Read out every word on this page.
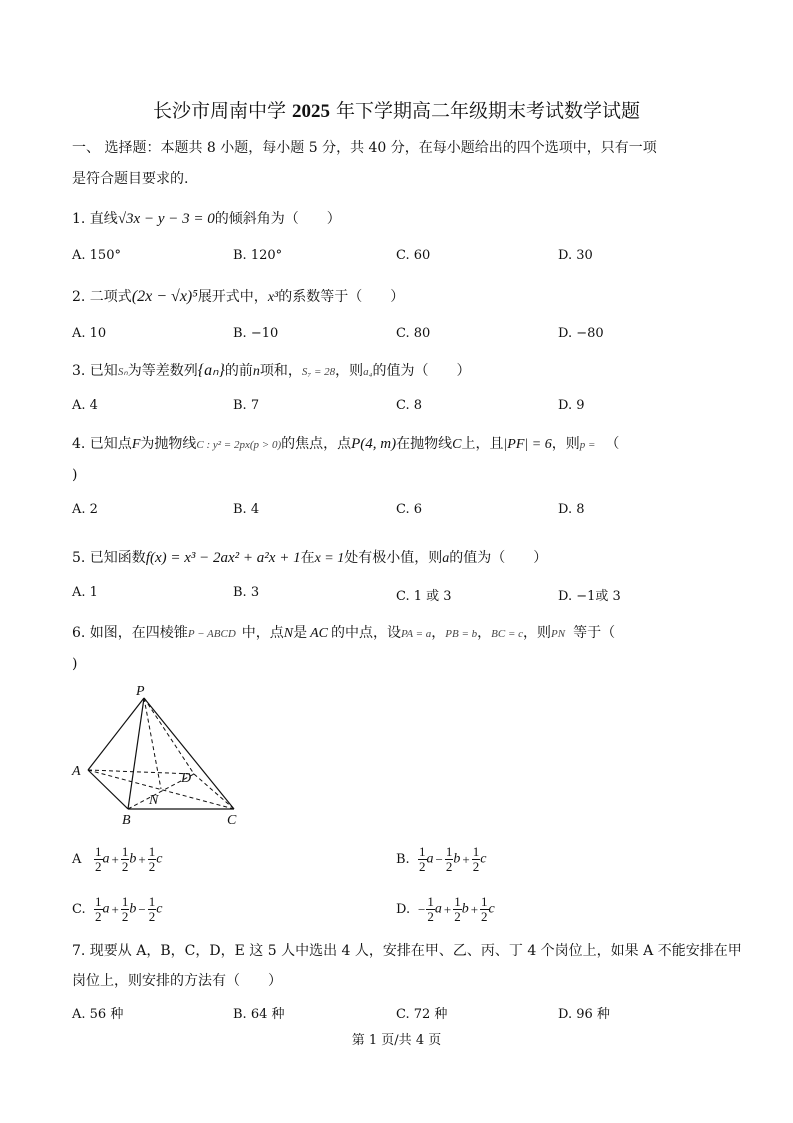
长沙市周南中学 2025 年下学期高二年级期末考试数学试题
一、 选择题：本题共 8 小题，每小题 5 分，共 40 分，在每小题给出的四个选项中，只有一项
是符合题目要求的.
1. 直线√3x − y − 3 = 0的倾斜角为（　　）
A. 150°	B. 120°	C. 60	D. 30
2. 二项式(2x − √x)⁵展开式中，x³的系数等于（　　）
A. 10	B. −10	C. 80	D. −80
3. 已知Sₙ为等差数列{aₙ}的前n项和，S₇ = 28，则a₄的值为（　　）
A. 4	B. 7	C. 8	D. 9
4. 已知点F为抛物线C : y² = 2px(p > 0)的焦点，点P(4, m)在抛物线C上，且|PF| = 6，则p = （
)
A. 2	B. 4	C. 6	D. 8
5. 已知函数f(x) = x³ − 2ax² + a²x + 1在x = 1处有极小值，则a的值为（　　）
A. 1	B. 3	C. 1 或 3	D. −1或 3
6. 如图，在四棱锥P − ABCD 中，点N是 AC 的中点，设PA = a，PB = b，BC = c，则PN 等于（
)
P
A
B	C
D
N
A $\frac{1}{2}$ $a + \frac{1}{2}$ $b + \frac{1}{2}$ c	B. $\frac{1}{2}$ $a - \frac{1}{2}$ $b + \frac{1}{2}$ c
C. $\frac{1}{2}$ $a + \frac{1}{2}$ $b - \frac{1}{2}$ c	D. − $\frac{1}{2}$ $a + \frac{1}{2}$ $b + \frac{1}{2}$ c
7. 现要从 A，B，C，D，E 这 5 人中选出 4 人，安排在甲、乙、丙、丁 4 个岗位上，如果 A 不能安排在甲
岗位上，则安排的方法有（　　）
A. 56 种	B. 64 种	C. 72 种	D. 96 种
第 1 页/共 4 页
